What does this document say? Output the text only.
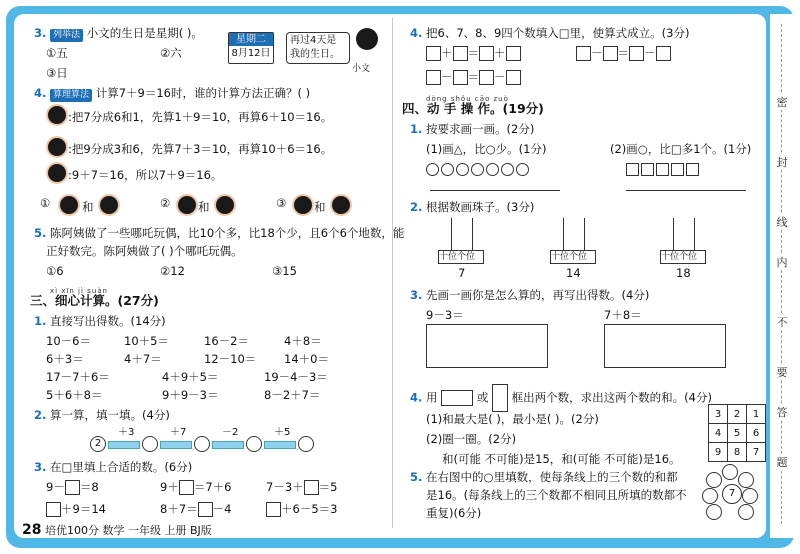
密
封
线
内
不
要
答
题
3. 列举法 小文的生日是星期( )。
①五	②六
③日
星期二
8月12日
再过4天是我的生日。
小文
4. 算理算法 计算7＋9＝16时，谁的计算方法正确？( )
:把7分成6和1，先算1＋9＝10，再算6＋10＝16。
:把9分成3和6，先算7＋3＝10，再算10＋6＝16。
:9＋7＝16，所以7＋9＝16。
①	和	② 和	③ 和
5. 陈阿姨做了一些哪吒玩偶，比10个多，比18个少，且6个6个地数，能
正好数完。陈阿姨做了( )个哪吒玩偶。
①6	②12	③15
xì xīn jì suàn
三、细心计算。(27分)
1. 直接写出得数。(14分)
10－6＝	10＋5＝	16－2＝	4＋8＝
6＋3＝	4＋7＝	12－10＝ 14＋0＝
17－7＋6＝	4＋9＋5＝	19－4－3＝
5＋6＋8＝	9＋9－3＝	8－2＋7＝
2. 算一算，填一填。(4分)
2
＋3	＋7	－2	＋5
3. 在□里填上合适的数。(6分)
9－ ＝8	9＋ ＝7＋6	7－3＋ ＝5
＋9＝14	8＋7＝ －4	＋6－5＝3
28 培优100分 数学 一年级 上册 BJ版
4. 把6、7、8、9四个数填入□里，使算式成立。(3分)
＋ ＝ ＋	－ ＝ －
－ ＝ －
dòng shǒu cāo zuò
四、动 手 操 作。(19分)
1. 按要求画一画。(2分)
(1)画△，比○少。(1分)	(2)画○，比□多1个。(1分)
2. 根据数画珠子。(3分)
十位个位
7
十位个位
14
十位个位
18
3. 先画一画你是怎么算的，再写出得数。(4分)
9－3＝	7＋8＝
4. 用	或 框出两个数，求出这两个数的和。(4分)
(1)和最大是( )，最小是( )。(2分)
(2)圈一圈。(2分)
和(可能 不可能)是15，和(可能 不可能)是16。
3	2	1
4	5	6
9	8	7
5. 在右图中的○里填数，使每条线上的三个数的和都
是16。(每条线上的三个数都不相同且所填的数都不
重复)(6分)
7
